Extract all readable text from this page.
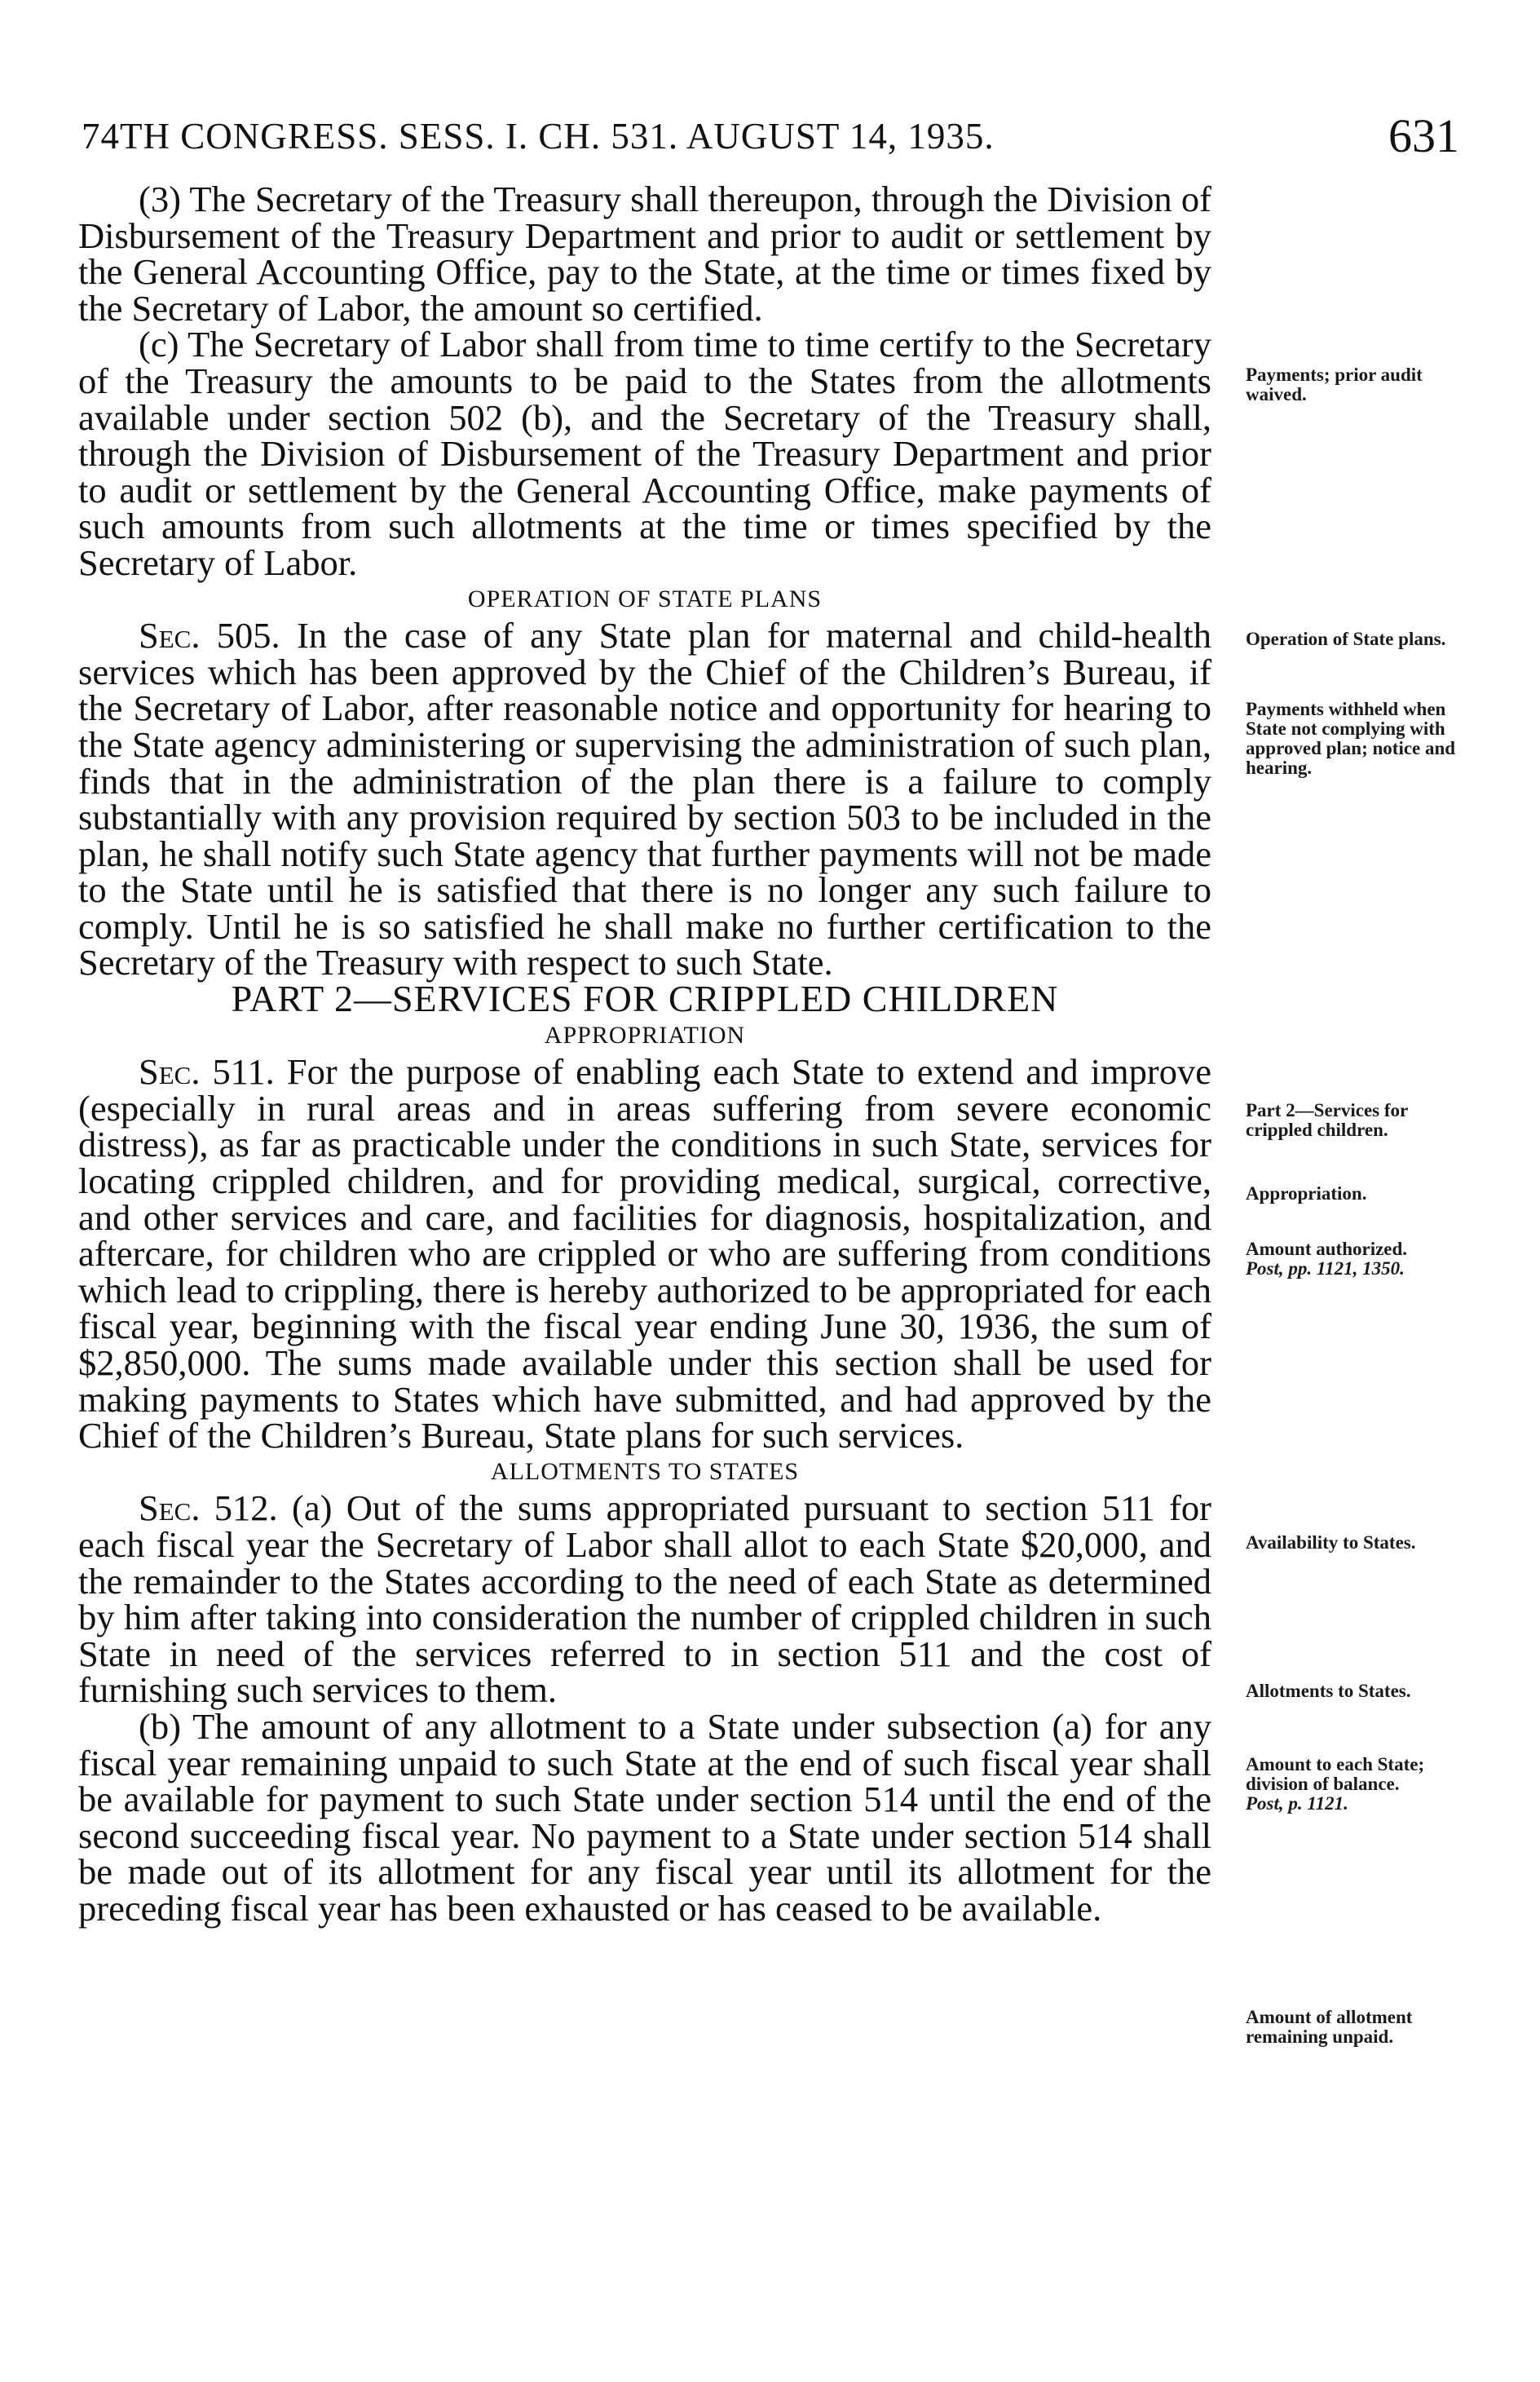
74TH CONGRESS. SESS. I. CH. 531. AUGUST 14, 1935.	631

(3) The Secretary of the Treasury shall thereupon, through the Division of Disbursement of the Treasury Department and prior to audit or settlement by the General Accounting Office, pay to the State, at the time or times fixed by the Secretary of Labor, the amount so certified.

(c) The Secretary of Labor shall from time to time certify to the Secretary of the Treasury the amounts to be paid to the States from the allotments available under section 502 (b), and the Secretary of the Treasury shall, through the Division of Disbursement of the Treasury Department and prior to audit or settlement by the General Accounting Office, make payments of such amounts from such allotments at the time or times specified by the Secretary of Labor.

OPERATION OF STATE PLANS

Sec. 505. In the case of any State plan for maternal and child-health services which has been approved by the Chief of the Children’s Bureau, if the Secretary of Labor, after reasonable notice and opportunity for hearing to the State agency administering or supervising the administration of such plan, finds that in the administration of the plan there is a failure to comply substantially with any provision required by section 503 to be included in the plan, he shall notify such State agency that further payments will not be made to the State until he is satisfied that there is no longer any such failure to comply. Until he is so satisfied he shall make no further certification to the Secretary of the Treasury with respect to such State.

PART 2—SERVICES FOR CRIPPLED CHILDREN

APPROPRIATION

Sec. 511. For the purpose of enabling each State to extend and improve (especially in rural areas and in areas suffering from severe economic distress), as far as practicable under the conditions in such State, services for locating crippled children, and for providing medical, surgical, corrective, and other services and care, and facilities for diagnosis, hospitalization, and aftercare, for children who are crippled or who are suffering from conditions which lead to crippling, there is hereby authorized to be appropriated for each fiscal year, beginning with the fiscal year ending June 30, 1936, the sum of $2,850,000. The sums made available under this section shall be used for making payments to States which have submitted, and had approved by the Chief of the Children’s Bureau, State plans for such services.

ALLOTMENTS TO STATES

Sec. 512. (a) Out of the sums appropriated pursuant to section 511 for each fiscal year the Secretary of Labor shall allot to each State $20,000, and the remainder to the States according to the need of each State as determined by him after taking into consideration the number of crippled children in such State in need of the services referred to in section 511 and the cost of furnishing such services to them.

(b) The amount of any allotment to a State under subsection (a) for any fiscal year remaining unpaid to such State at the end of such fiscal year shall be available for payment to such State under section 514 until the end of the second succeeding fiscal year. No payment to a State under section 514 shall be made out of its allotment for any fiscal year until its allotment for the preceding fiscal year has been exhausted or has ceased to be available.

Payments; prior audit waived.
Operation of State plans.
Payments withheld when State not complying with approved plan; notice and hearing.
Part 2—Services for crippled children.
Appropriation.
Amount authorized.
Post, pp. 1121, 1350.
Availability to States.
Allotments to States.
Amount to each State; division of balance.
Post, p. 1121.
Amount of allotment remaining unpaid.
